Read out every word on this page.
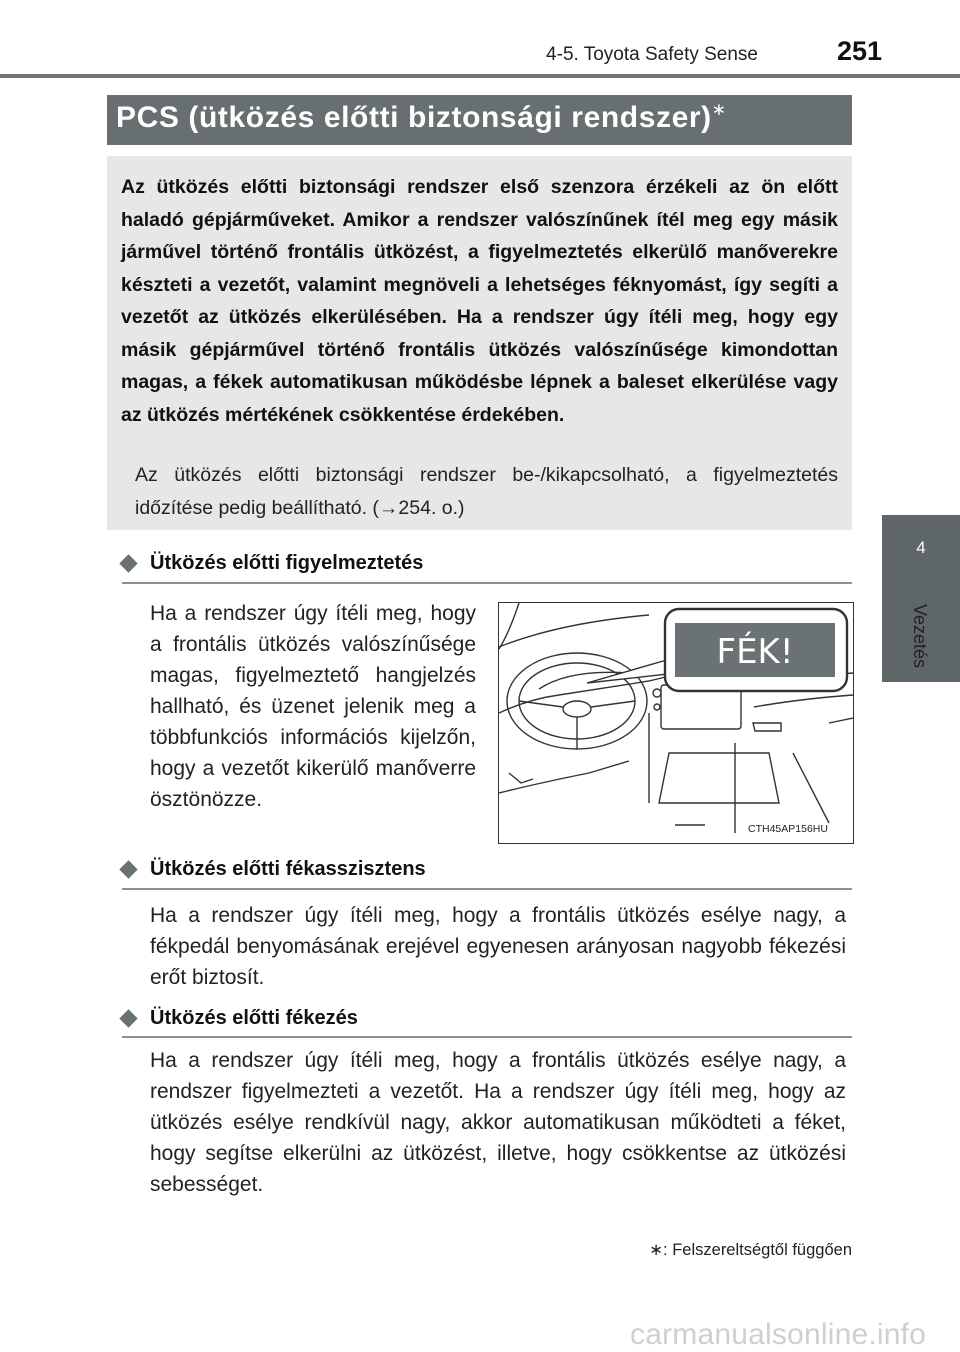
4-5. Toyota Safety Sense	251
4
Vezetés
PCS (ütközés előtti biztonsági rendszer)∗
Az ütközés előtti biztonsági rendszer első szenzora érzékeli az ön előtt haladó gépjárműveket. Amikor a rendszer valószínűnek ítél meg egy másik járművel történő frontális ütközést, a figyelmeztetés elkerülő manőverekre készteti a vezetőt, valamint megnöveli a lehetséges féknyomást, így segíti a vezetőt az ütközés elkerülésében. Ha a rendszer úgy ítéli meg, hogy egy másik gépjárművel történő frontális ütközés valószínűsége kimondottan magas, a fékek automatikusan működésbe lépnek a baleset elkerülése vagy az ütközés mértékének csökkentése érdekében.
Az ütközés előtti biztonsági rendszer be-/kikapcsolható, a figyelmeztetés időzítése pedig beállítható. (→254. o.)
Ütközés előtti figyelmeztetés
Ha a rendszer úgy ítéli meg, hogy a frontális ütközés valószínűsége magas, figyelmeztető hangjelzés hallható, és üzenet jelenik meg a többfunkciós információs kijelzőn, hogy a vezetőt kikerülő manőverre ösztönözze.
FÉK!
CTH45AP156HU
Ütközés előtti fékasszisztens
Ha a rendszer úgy ítéli meg, hogy a frontális ütközés esélye nagy, a fékpedál benyomásának erejével egyenesen arányosan nagyobb fékezési erőt biztosít.
Ütközés előtti fékezés
Ha a rendszer úgy ítéli meg, hogy a frontális ütközés esélye nagy, a rendszer figyelmezteti a vezetőt. Ha a rendszer úgy ítéli meg, hogy az ütközés esélye rendkívül nagy, akkor automatikusan működteti a féket, hogy segítse elkerülni az ütközést, illetve, hogy csökkentse az ütközési sebességet.
∗: Felszereltségtől függően
carmanualsonline.info
